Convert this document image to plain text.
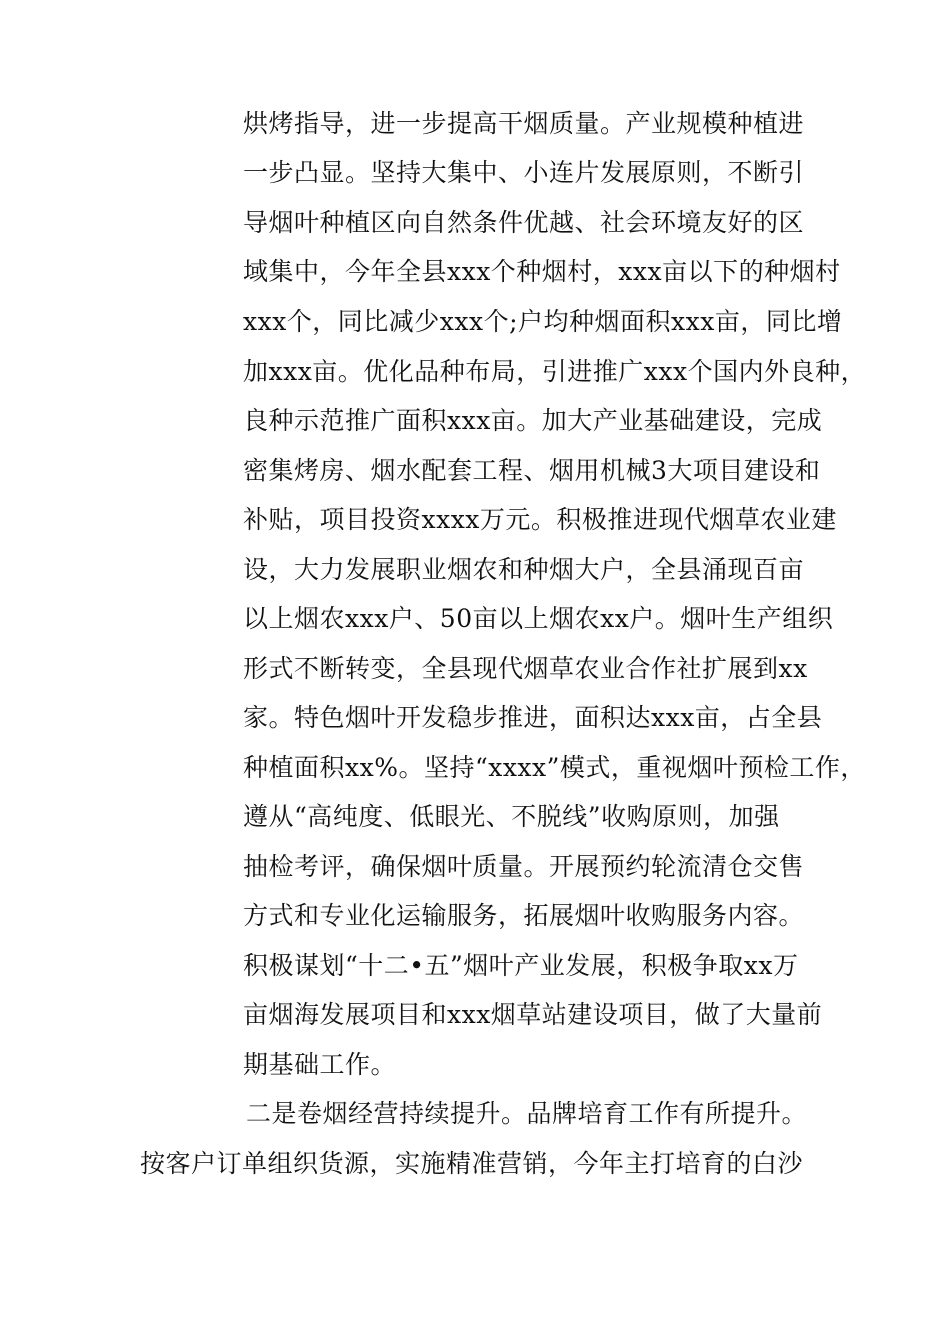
烘烤指导，进一步提高干烟质量。产业规模种植进
一步凸显。坚持大集中、小连片发展原则，不断引
导烟叶种植区向自然条件优越、社会环境友好的区
域集中，今年全县xxx个种烟村，xxx亩以下的种烟村
xxx个，同比减少xxx个;户均种烟面积xxx亩，同比增
加xxx亩。优化品种布局，引进推广xxx个国内外良种，
良种示范推广面积xxx亩。加大产业基础建设，完成
密集烤房、烟水配套工程、烟用机械3大项目建设和
补贴，项目投资xxxx万元。积极推进现代烟草农业建
设，大力发展职业烟农和种烟大户，全县涌现百亩
以上烟农xxx户、50亩以上烟农xx户。烟叶生产组织
形式不断转变，全县现代烟草农业合作社扩展到xx
家。特色烟叶开发稳步推进，面积达xxx亩，占全县
种植面积xx%。坚持“xxxx”模式，重视烟叶预检工作，
遵从“高纯度、低眼光、不脱线”收购原则，加强
抽检考评，确保烟叶质量。开展预约轮流清仓交售
方式和专业化运输服务，拓展烟叶收购服务内容。
积极谋划“十二•五”烟叶产业发展，积极争取xx万
亩烟海发展项目和xxx烟草站建设项目，做了大量前
期基础工作。
二是卷烟经营持续提升。品牌培育工作有所提升。
按客户订单组织货源，实施精准营销，今年主打培育的白沙
